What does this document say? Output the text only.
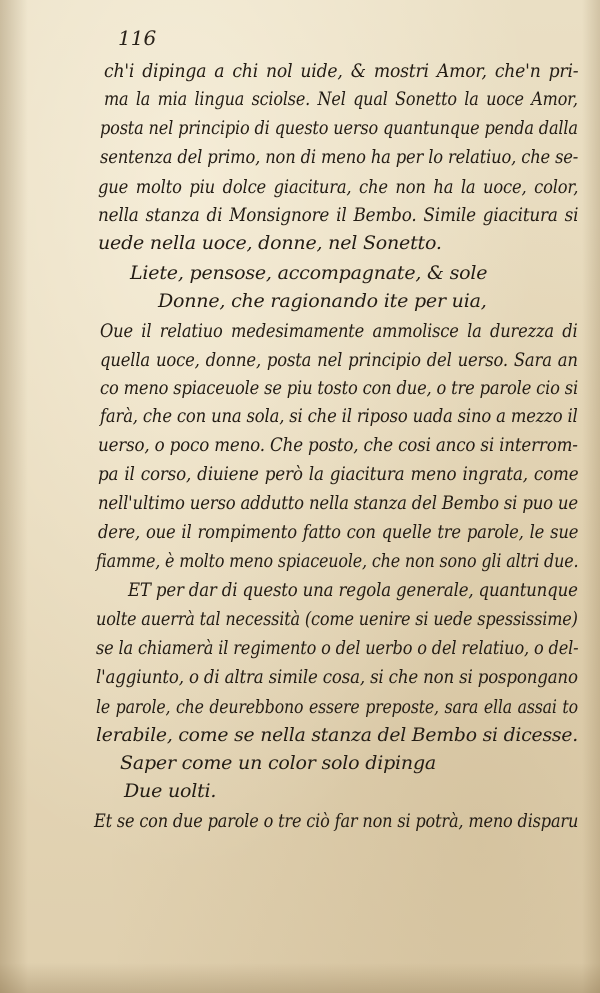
116
ch'i dipinga a chi nol uide, & mostri Amor, che'n pri-
ma la mia lingua sciolse. Nel qual Sonetto la uoce Amor,
posta nel principio di questo uerso quantunque penda dalla
sentenza del primo, non di meno ha per lo relatiuo, che se-
gue molto piu dolce giacitura, che non ha la uoce, color,
nella stanza di Monsignore il Bembo. Simile giacitura si
uede nella uoce, donne, nel Sonetto.
Liete, pensose, accompagnate, & sole
Donne, che ragionando ite per uia,
Oue il relatiuo medesimamente ammolisce la durezza di
quella uoce, donne, posta nel principio del uerso. Sara an
co meno spiaceuole se piu tosto con due, o tre parole cio si
farà, che con una sola, si che il riposo uada sino a mezzo il
uerso, o poco meno. Che posto, che cosi anco si interrom-
pa il corso, diuiene però la giacitura meno ingrata, come
nell'ultimo uerso addutto nella stanza del Bembo si puo ue
dere, oue il rompimento fatto con quelle tre parole, le sue
fiamme, è molto meno spiaceuole, che non sono gli altri due.
ET per dar di questo una regola generale, quantunque
uolte auerrà tal necessità (come uenire si uede spessissime)
se la chiamerà il regimento o del uerbo o del relatiuo, o del-
l'aggiunto, o di altra simile cosa, si che non si pospongano
le parole, che deurebbono essere preposte, sara ella assai to
lerabile, come se nella stanza del Bembo si dicesse.
Saper come un color solo dipinga
Due uolti.
Et se con due parole o tre ciò far non si potrà, meno disparu
